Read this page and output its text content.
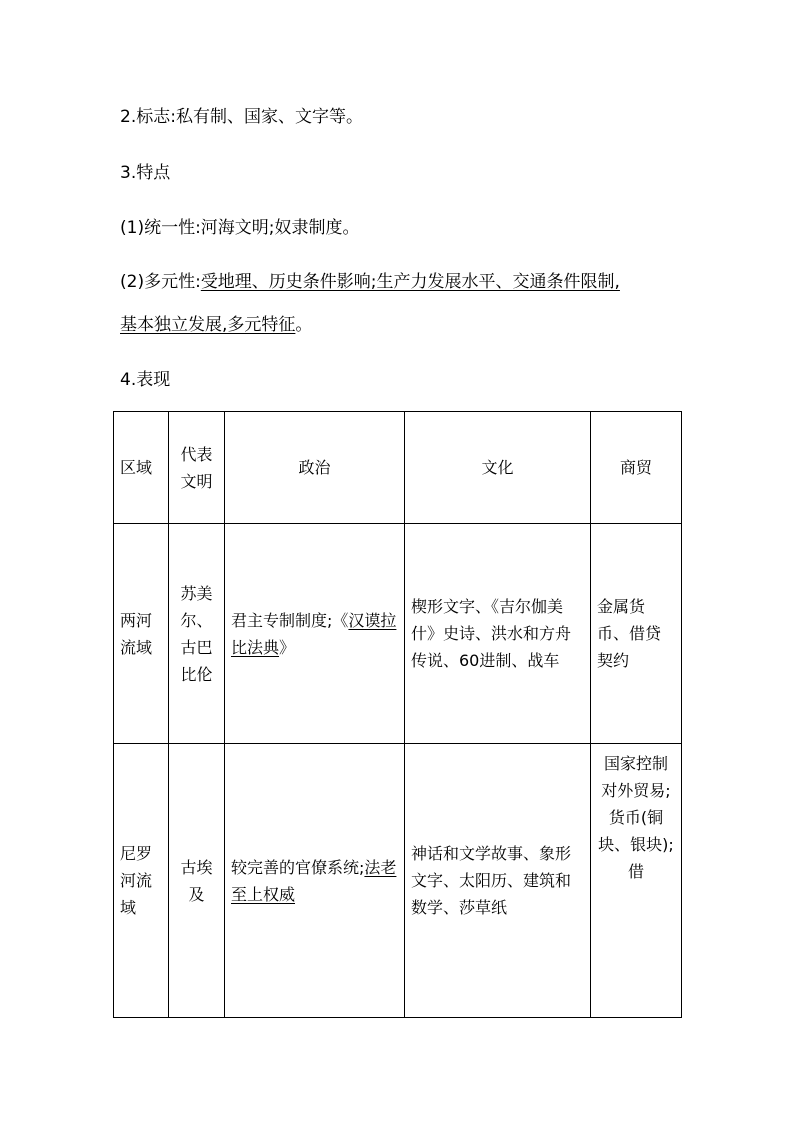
2.标志:私有制、国家、文字等。
3.特点
(1)统一性:河海文明;奴隶制度。
(2)多元性:受地理、历史条件影响;生产力发展水平、交通条件限制,
基本独立发展,多元特征。
4.表现
区域	代表文明	政治	文化	商贸
两河流域	苏美尔、古巴比伦	君主专制制度;《汉谟拉比法典》	楔形文字、《吉尔伽美什》史诗、洪水和方舟传说、60进制、战车	金属货币、借贷契约
尼罗河流域	古埃及	较完善的官僚系统;法老至上权威	神话和文学故事、象形文字、太阳历、建筑和数学、莎草纸	国家控制对外贸易;货币(铜块、银块);借
